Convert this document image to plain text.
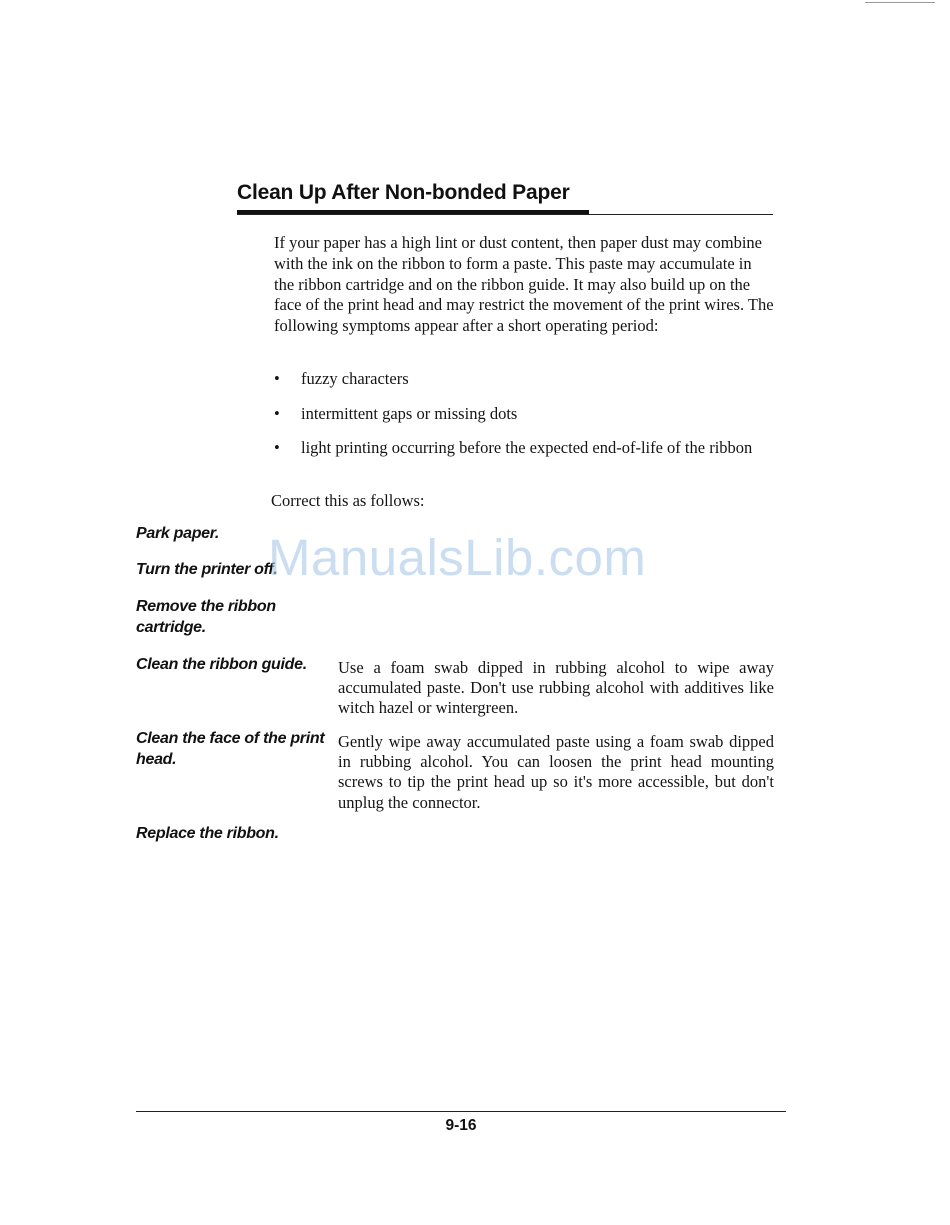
Clean Up After Non-bonded Paper

If your paper has a high lint or dust content, then paper dust may combine with the ink on the ribbon to form a paste. This paste may accumulate in the ribbon cartridge and on the ribbon guide. It may also build up on the face of the print head and may restrict the movement of the print wires. The following symptoms appear after a short operating period:

• fuzzy characters
• intermittent gaps or missing dots
• light printing occurring before the expected end-of-life of the ribbon

Correct this as follows:

Park paper.

Turn the printer off.

Remove the ribbon cartridge.

Clean the ribbon guide.	Use a foam swab dipped in rubbing alcohol to wipe away accumulated paste. Don't use rubbing alcohol with additives like witch hazel or wintergreen.

Clean the face of the print head.

Gently wipe away accumulated paste using a foam swab dipped in rubbing alcohol. You can loosen the print head mounting screws to tip the print head up so it's more accessible, but don't unplug the connector.

Replace the ribbon.

ManualsLib.com

9-16
